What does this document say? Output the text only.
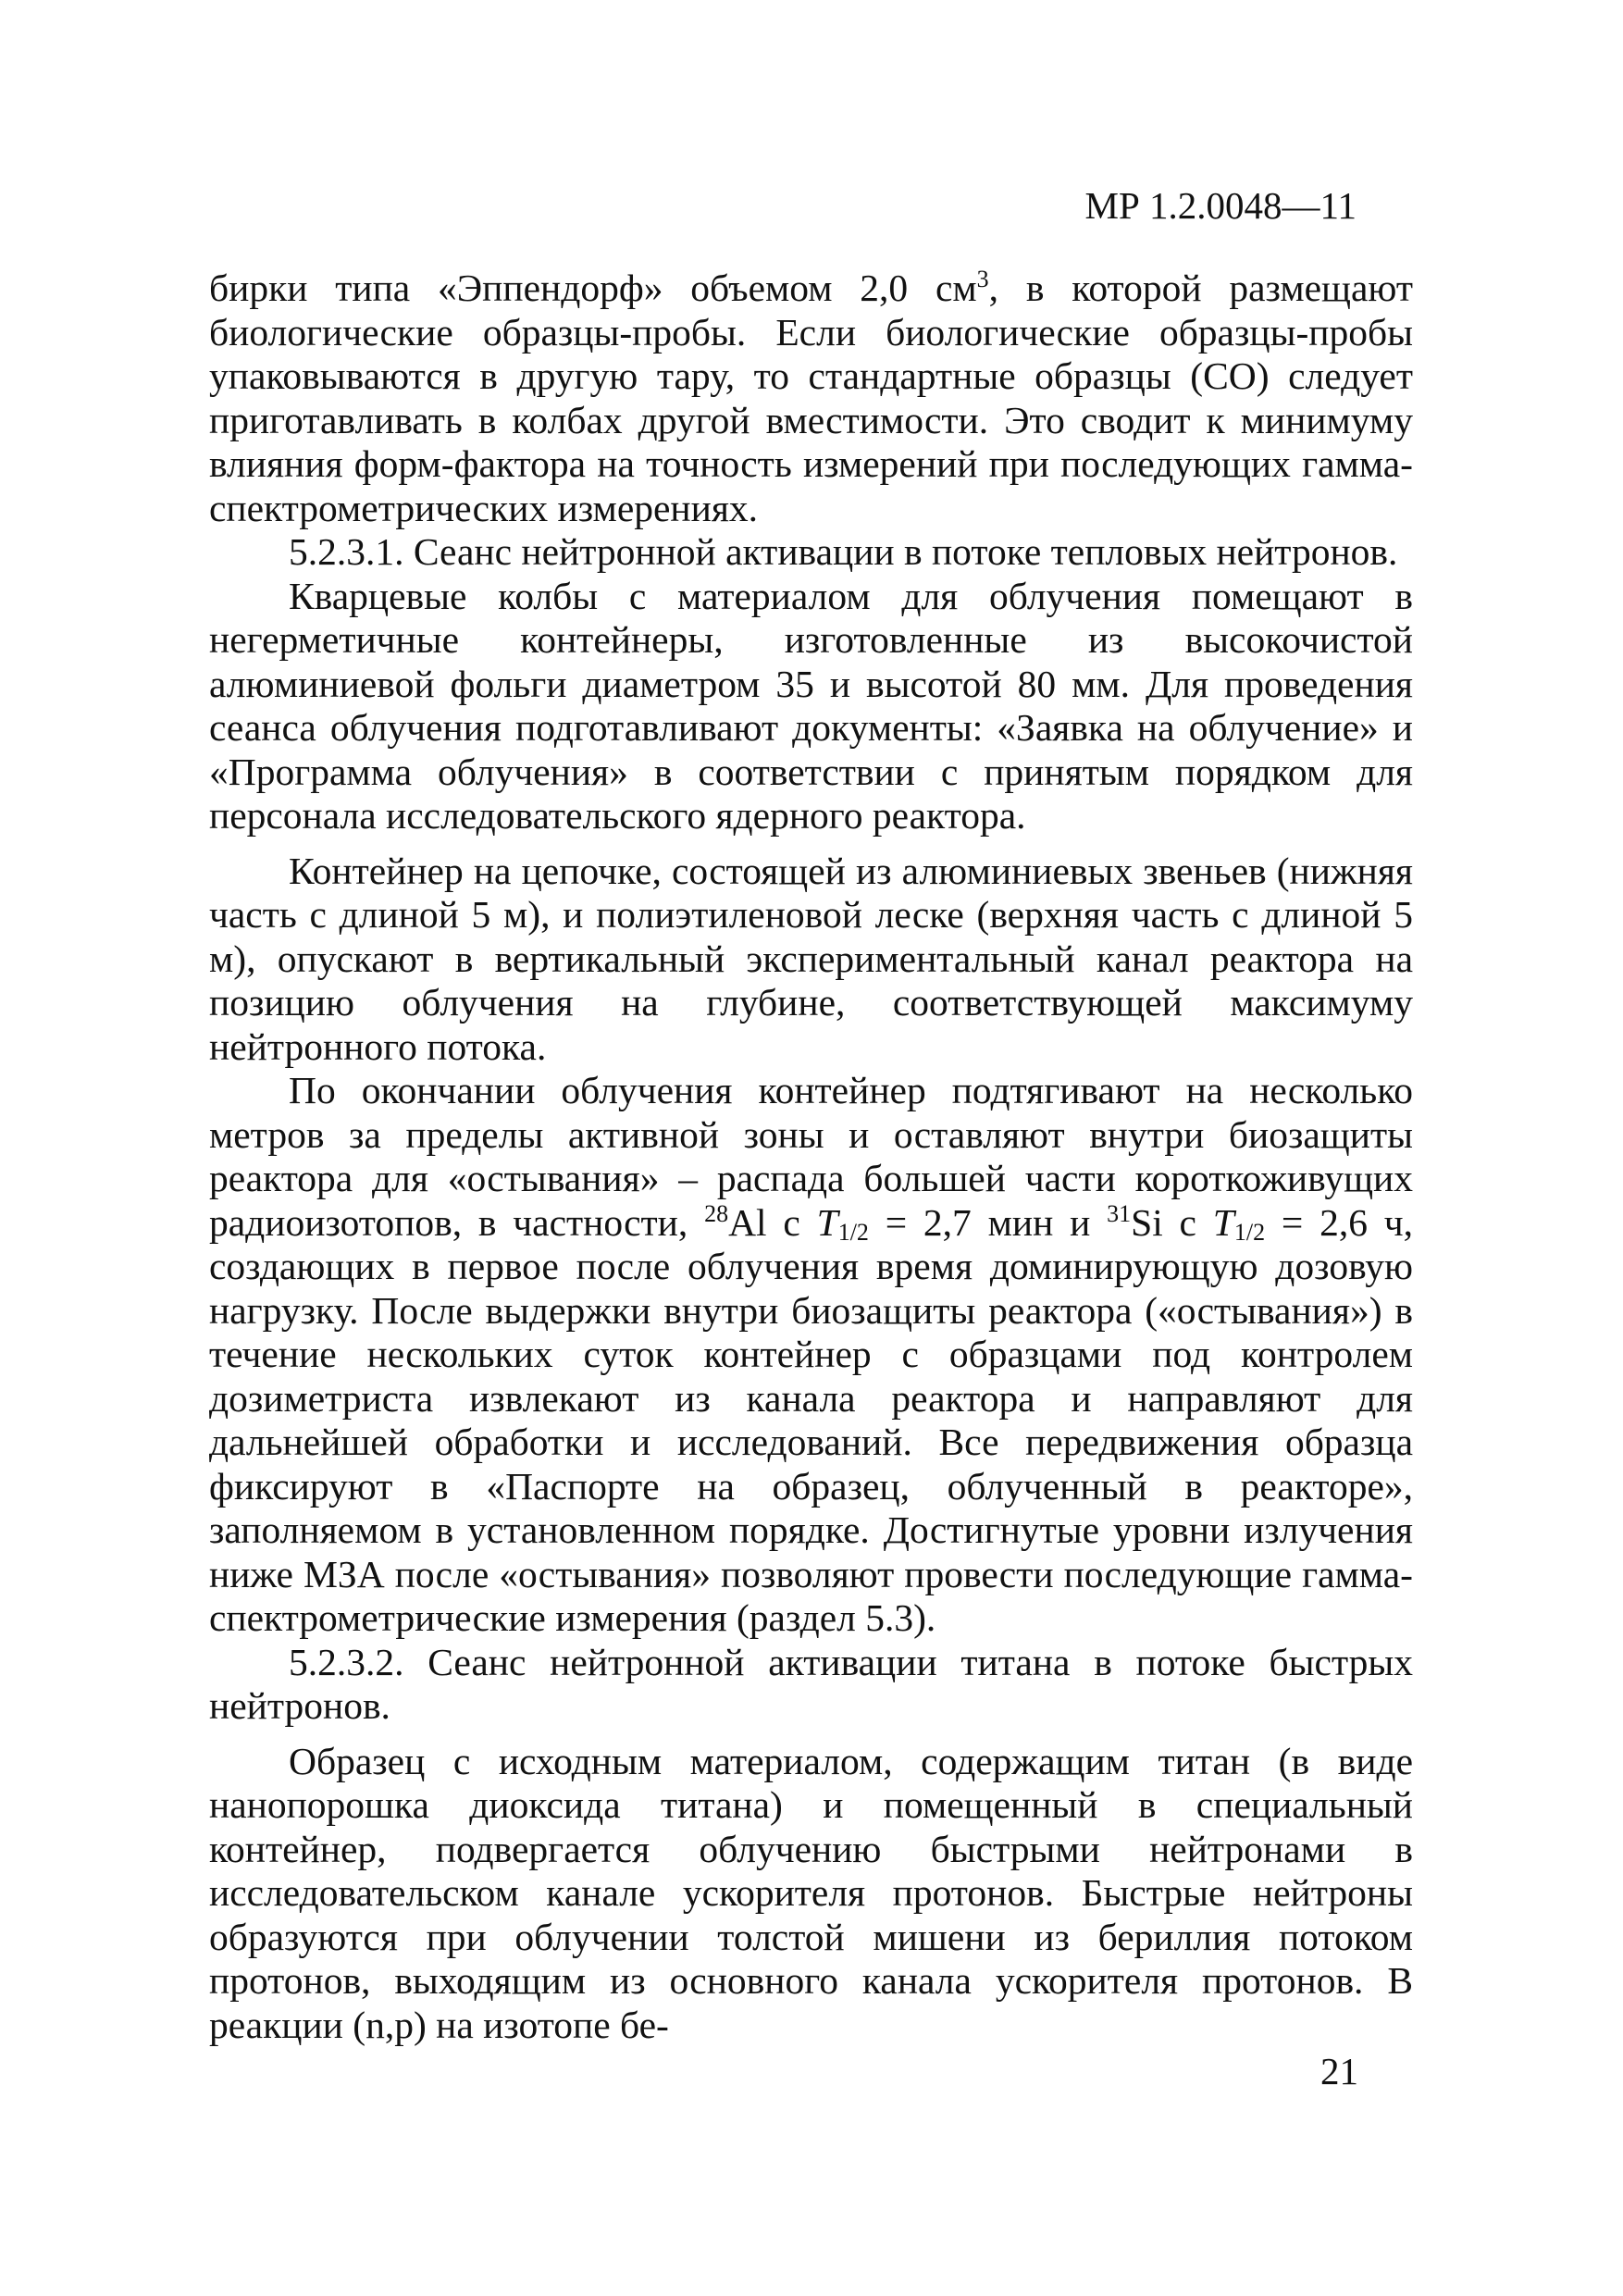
МР 1.2.0048—11

бирки типа «Эппендорф» объемом 2,0 $см^3$, в которой размещают биологические образцы-пробы. Если биологические образцы-пробы упаковываются в другую тару, то стандартные образцы (СО) следует приготавливать в колбах другой вместимости. Это сводит к минимуму влияния форм-фактора на точность измерений при последующих гамма-спектрометрических измерениях.

5.2.3.1. Сеанс нейтронной активации в потоке тепловых нейтронов.

Кварцевые колбы с материалом для облучения помещают в негерметичные контейнеры, изготовленные из высокочистой алюминиевой фольги диаметром 35 и высотой 80 мм. Для проведения сеанса облучения подготавливают документы: «Заявка на облучение» и «Программа облучения» в соответствии с принятым порядком для персонала исследовательского ядерного реактора.

Контейнер на цепочке, состоящей из алюминиевых звеньев (нижняя часть с длиной 5 м), и полиэтиленовой леске (верхняя часть с длиной 5 м), опускают в вертикальный экспериментальный канал реактора на позицию облучения на глубине, соответствующей максимуму нейтронного потока.

По окончании облучения контейнер подтягивают на несколько метров за пределы активной зоны и оставляют внутри биозащиты реактора для «остывания» – распада большей части короткоживущих радиоизотопов, в частности, $^{28}$Al с $T_{1/2} = 2,7$ мин и $^{31}$Si с $T_{1/2} = 2,6$ ч, создающих в первое после облучения время доминирующую дозовую нагрузку. После выдержки внутри биозащиты реактора («остывания») в течение нескольких суток контейнер с образцами под контролем дозиметриста извлекают из канала реактора и направляют для дальнейшей обработки и исследований. Все передвижения образца фиксируют в «Паспорте на образец, облученный в реакторе», заполняемом в установленном порядке. Достигнутые уровни излучения ниже МЗА после «остывания» позволяют провести последующие гамма-спектрометрические измерения (раздел 5.3).

5.2.3.2. Сеанс нейтронной активации титана в потоке быстрых нейтронов.

Образец с исходным материалом, содержащим титан (в виде нанопорошка диоксида титана) и помещенный в специальный контейнер, подвергается облучению быстрыми нейтронами в исследовательском канале ускорителя протонов. Быстрые нейтроны образуются при облучении толстой мишени из бериллия потоком протонов, выходящим из основного канала ускорителя протонов. В реакции (n,p) на изотопе бе-

21
